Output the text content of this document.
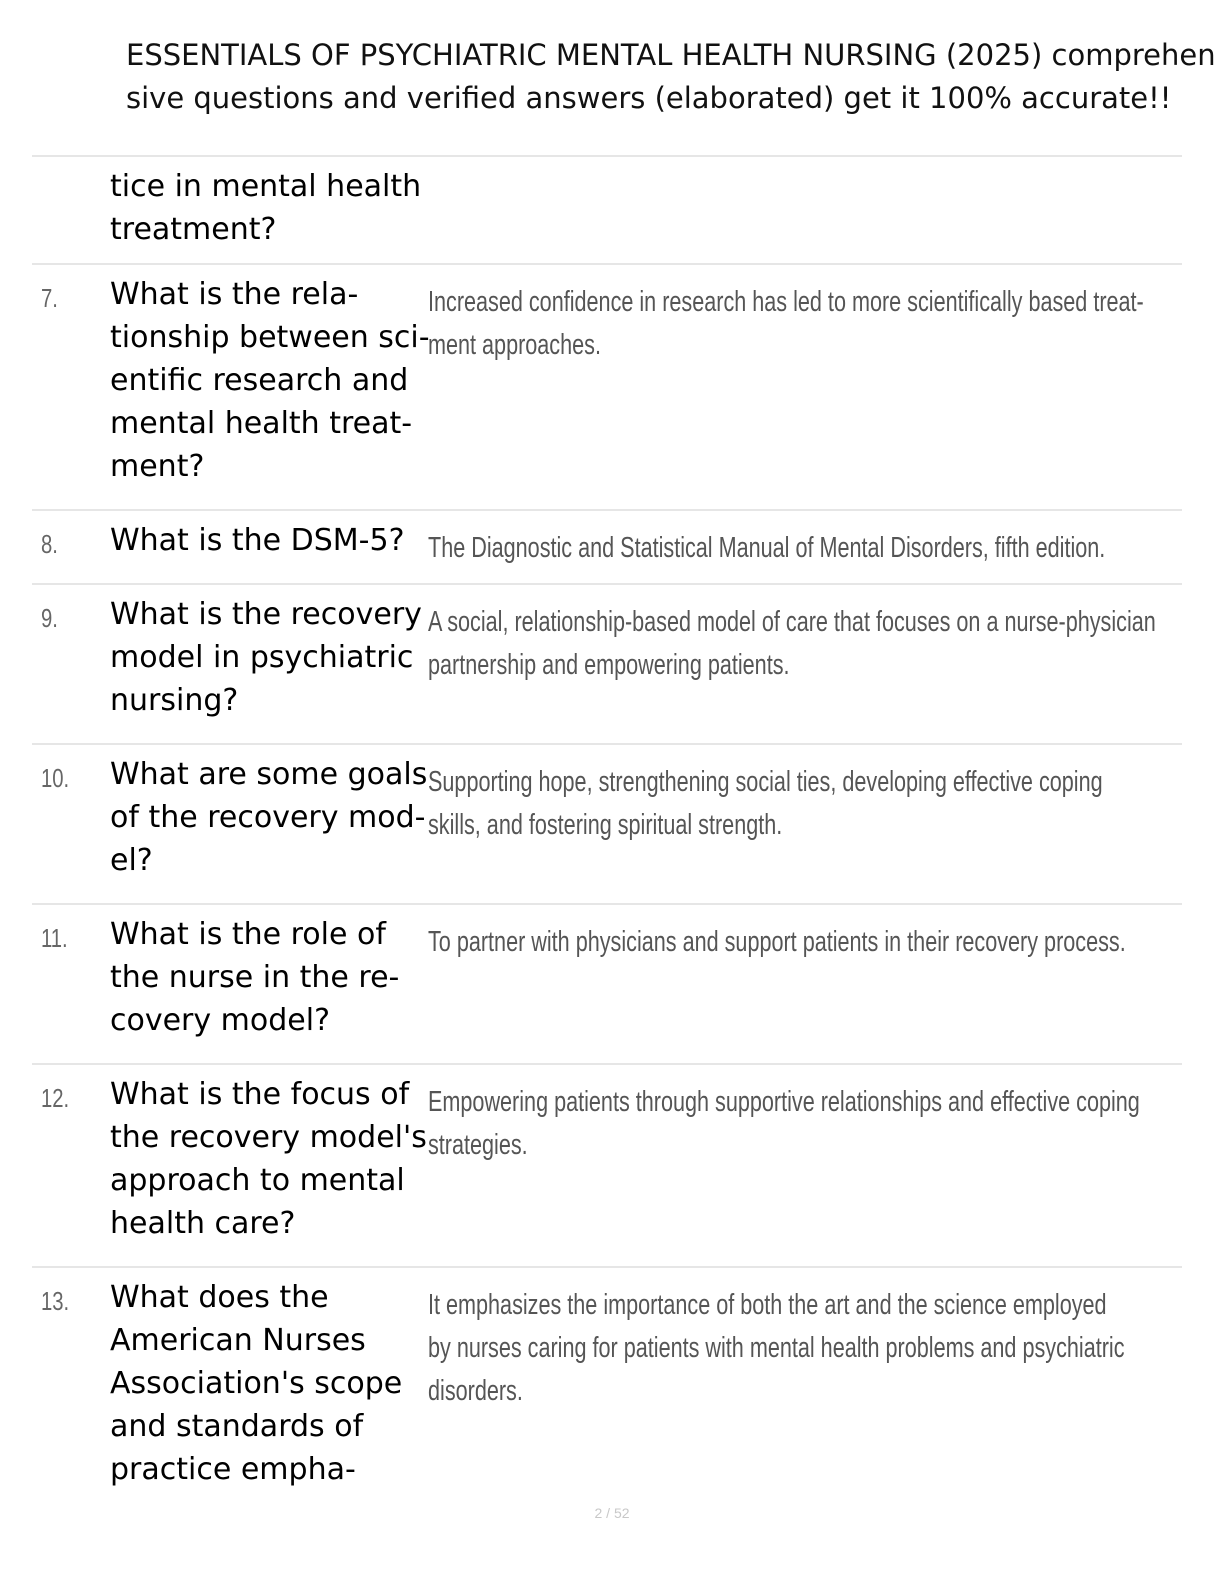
ESSENTIALS OF PSYCHIATRIC MENTAL HEALTH NURSING (2025) comprehen
sive questions and verified answers (elaborated) get it 100% accurate!!
tice in mental health
treatment?
7. What is the rela-
tionship between sci-
entific research and
mental health treat-
ment?
Increased confidence in research has led to more scientifically based treat-
ment approaches.
8. What is the DSM-5? The Diagnostic and Statistical Manual of Mental Disorders, fifth edition.
9. What is the recovery
model in psychiatric
nursing?
A social, relationship-based model of care that focuses on a nurse-physician
partnership and empowering patients.
10. What are some goals
of the recovery mod-
el?
Supporting hope, strengthening social ties, developing effective coping
skills, and fostering spiritual strength.
11. What is the role of
the nurse in the re-
covery model?
To partner with physicians and support patients in their recovery process.
12. What is the focus of
the recovery model's
approach to mental
health care?
Empowering patients through supportive relationships and effective coping
strategies.
13. What does the
American Nurses
Association's scope
and standards of
practice empha-
It emphasizes the importance of both the art and the science employed
by nurses caring for patients with mental health problems and psychiatric
disorders.
2 / 52
